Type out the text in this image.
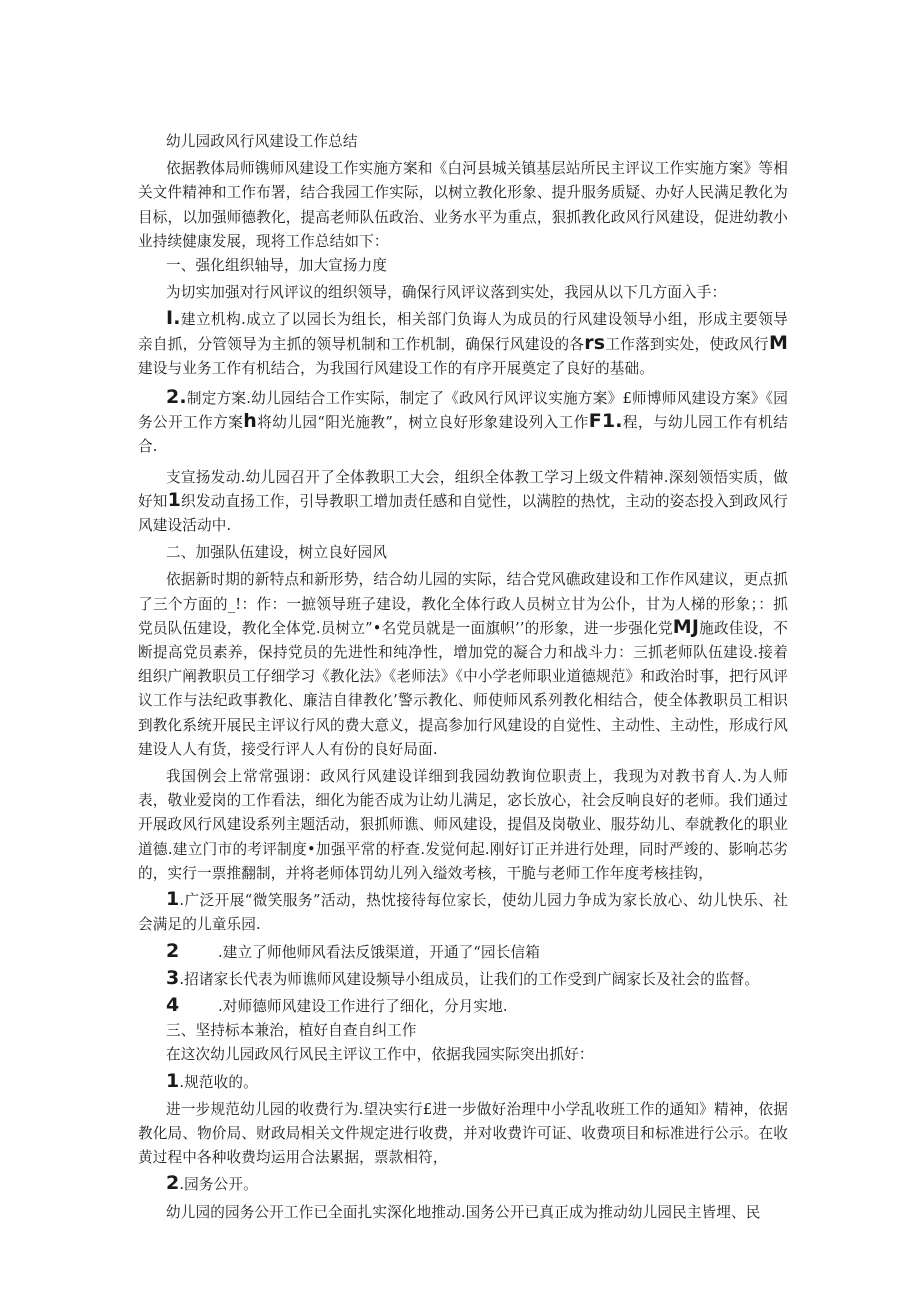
幼儿园政风行风建设工作总结

依据教体局师镌师风建设工作实施方案和《白河县城关镇基层站所民主评议工作实施方案》等相关文件精神和工作布署，结合我园工作实际，以树立教化形象、提升服务质疑、办好人民满足教化为目标，以加强师德教化，提高老师队伍政治、业务水平为重点，狠抓教化政风行风建设，促进幼教小业持续健康发展，现将工作总结如下：

一、强化组织轴导，加大宣扬力度

为切实加强对行风评议的组织领导，确保行风评议落到实处，我园从以下几方面入手：

I.建立机构.成立了以园长为组长，相关部门负诲人为成员的行风建设领导小组，形成主要领导亲自抓，分管领导为主抓的领导机制和工作机制，确保行风建设的各rs工作落到实处，使政风行M建设与业务工作有机结合，为我国行风建设工作的有序开展奠定了良好的基础。

2.制定方案.幼儿园结合工作实际，制定了《政风行风评议实施方案》£师博师风建设方案》《园务公开工作方案h将幼儿园“阳光施教”，树立良好形象建设列入工作F1.程，与幼儿园工作有机结合.

支宣扬发动.幼儿园召开了全体教职工大会，组织全体教工学习上级文件精神.深刻领悟实质，做好知1织发动直扬工作，引导教职工增加责任感和自觉性，以满腔的热忱，主动的姿态投入到政风行风建设活动中.

二、加强队伍建设，树立良好园风

依据新时期的新特点和新形势，结合幼儿园的实际，结合党风礁政建设和工作作风建议，更点抓了三个方面的_!：作：一摭领导班子建设，教化全体行政人员树立甘为公仆，甘为人梯的形象；：抓党员队伍建设，教化全体党.员树立”•名党员就是一面旗帜’’的形象，进一步强化党MJ施政佳设，不断提高党员素养，保持党员的先进性和纯净性，增加党的凝合力和战斗力：三抓老师队伍建设.接着组织广阐教职员工仔细学习《教化法》《老师法》《中小学老师职业道德规范》和政治时事，把行风评议工作与法纪政事教化、廉洁自律教化’警示教化、师使师风系列教化相结合，使全体教职员工相识到教化系统开展民主评议行风的费大意义，提高参加行风建设的自觉性、主动性、主动性，形成行风建设人人有货，接受行评人人有份的良好局面.

我国例会上常常强诩：政风行风建设详细到我园幼教询位职责上，我现为对教书育人.为人师表，敬业爱岗的工作看法，细化为能否成为让幼儿满足，宓长放心，社会反响良好的老师。我们通过开展政风行风建设系列主题活动，狠抓师谯、师风建设，提倡及岗敬业、服芬幼儿、奉就教化的职业道德.建立门市的考评制度•加强平常的杼查.发觉何起.刚好订正并进行处理，同时严竣的、影响芯劣的，实行一票推翻制，并将老师体罚幼儿列入缢效考核，干脆与老师工作年度考核挂钩，

1.广泛开展“微笑服务”活动，热忱接待每位家长，使幼儿园力争成为家长放心、幼儿快乐、社会满足的儿童乐园.

2	.建立了师他师风看法反饿渠道，开通了“园长信箱

3.招诸家长代表为师谯师风建设频导小组成员，让我们的工作受到广阔家长及社会的监督。

4	.对师德师风建设工作进行了细化，分月实地.

三、坚持标本兼治，植好自查自纠工作

在这次幼儿园政风行风民主评议工作中，依据我园实际突出抓好：

1.规范收的。

进一步规范幼儿园的收费行为.望决实行£进一步做好治理中小学乱收班工作的通知》精神，依据教化局、物价局、财政局相关文件规定进行收费，并对收费许可证、收费项目和标准进行公示。在收黄过程中各种收费均运用合法累据，票款相符，

2.园务公开。

幼儿园的园务公开工作已全面扎实深化地推动.国务公开已真正成为推动幼儿园民主皆埋、民
